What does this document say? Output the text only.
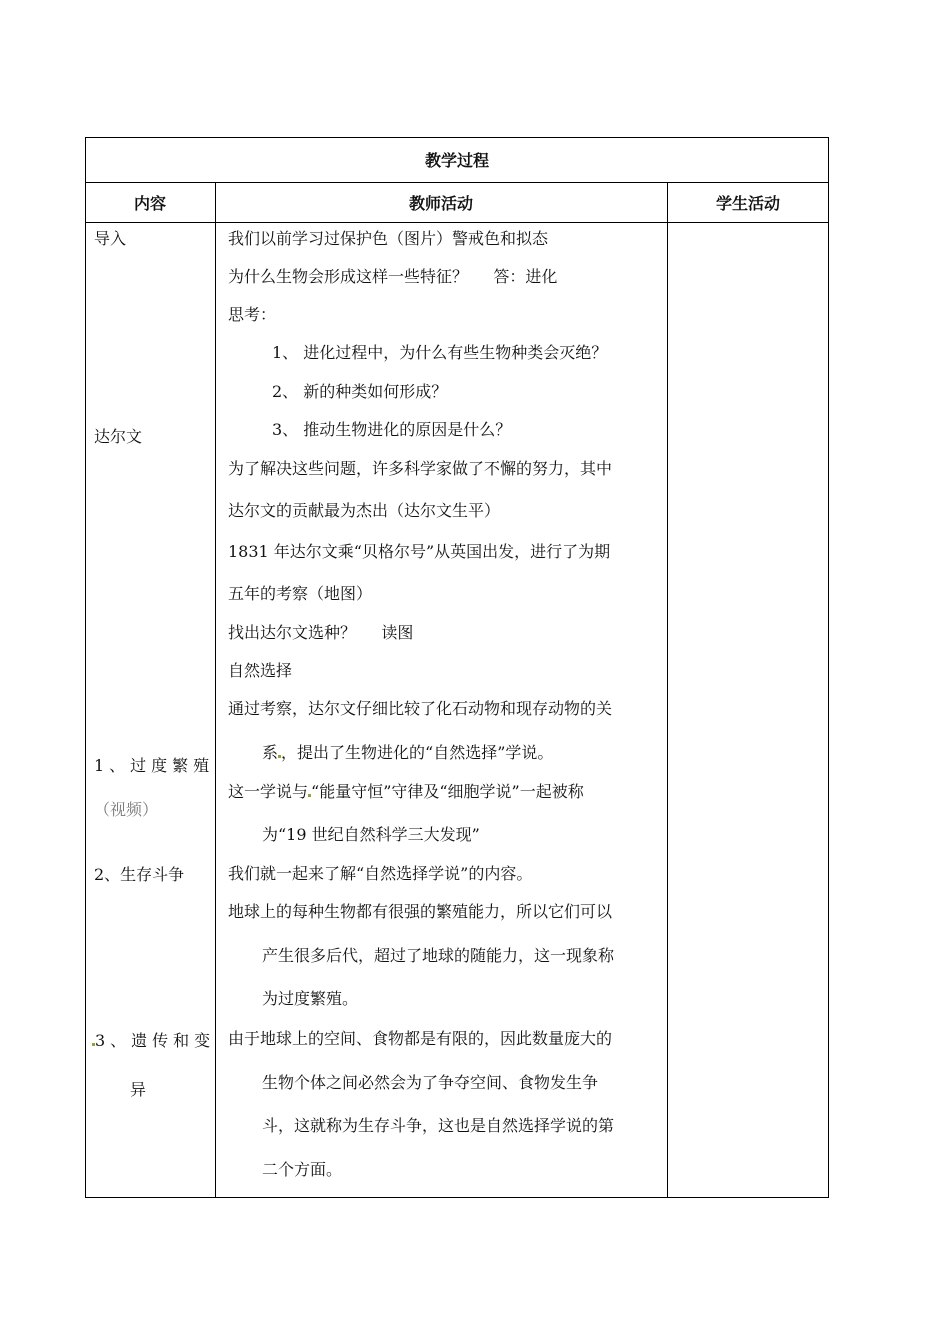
教学过程
内容	教师活动	学生活动
导入
达尔文
1、过度繁殖
（视频）
2、生存斗争
3、遗传和变
异
我们以前学习过保护色（图片）警戒色和拟态
为什么生物会形成这样一些特征？     答：进化
思考：
1、 进化过程中，为什么有些生物种类会灭绝？
2、 新的种类如何形成？
3、 推动生物进化的原因是什么？
为了解决这些问题，许多科学家做了不懈的努力，其中
达尔文的贡献最为杰出（达尔文生平）
1831 年达尔文乘“贝格尔号”从英国出发，进行了为期
五年的考察（地图）
找出达尔文选种？     读图
自然选择
通过考察，达尔文仔细比较了化石动物和现存动物的关
系 ，提出了生物进化的“自然选择”学说。
这一学说与 “能量守恒”守律及“细胞学说”一起被称
为“19 世纪自然科学三大发现”
我们就一起来了解“自然选择学说”的内容。
地球上的每种生物都有很强的繁殖能力，所以它们可以
产生很多后代，超过了地球的随能力，这一现象称
为过度繁殖。
由于地球上的空间、食物都是有限的，因此数量庞大的
生物个体之间必然会为了争夺空间、食物发生争
斗，这就称为生存斗争，这也是自然选择学说的第
二个方面。
